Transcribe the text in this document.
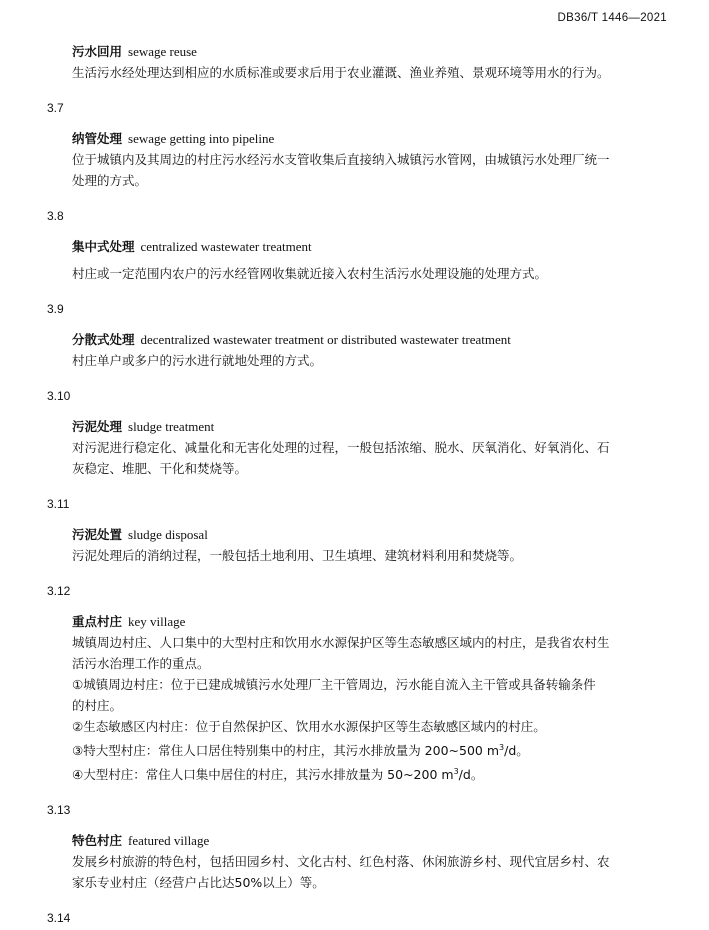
DB36/T 1446—2021

污水回用 sewage reuse

生活污水经处理达到相应的水质标准或要求后用于农业灌溉、渔业养殖、景观环境等用水的行为。

3.7

纳管处理 sewage getting into pipeline

位于城镇内及其周边的村庄污水经污水支管收集后直接纳入城镇污水管网，由城镇污水处理厂统一

处理的方式。

3.8

集中式处理 centralized wastewater treatment

村庄或一定范围内农户的污水经管网收集就近接入农村生活污水处理设施的处理方式。

3.9

分散式处理 decentralized wastewater treatment or distributed wastewater treatment

村庄单户或多户的污水进行就地处理的方式。

3.10

污泥处理 sludge treatment

对污泥进行稳定化、减量化和无害化处理的过程，一般包括浓缩、脱水、厌氧消化、好氧消化、石

灰稳定、堆肥、干化和焚烧等。

3.11

污泥处置 sludge disposal

污泥处理后的消纳过程，一般包括土地利用、卫生填埋、建筑材料利用和焚烧等。

3.12

重点村庄 key village

城镇周边村庄、人口集中的大型村庄和饮用水水源保护区等生态敏感区域内的村庄，是我省农村生

活污水治理工作的重点。

①城镇周边村庄：位于已建成城镇污水处理厂主干管周边，污水能自流入主干管或具备转输条件

的村庄。

②生态敏感区内村庄：位于自然保护区、饮用水水源保护区等生态敏感区域内的村庄。

③特大型村庄：常住人口居住特别集中的村庄，其污水排放量为 200~500 $m^3/d$。

④大型村庄：常住人口集中居住的村庄，其污水排放量为 50~200 $m^3/d$。

3.13

特色村庄 featured village

发展乡村旅游的特色村，包括田园乡村、文化古村、红色村落、休闲旅游乡村、现代宜居乡村、农

家乐专业村庄（经营户占比达50%以上）等。

3.14
